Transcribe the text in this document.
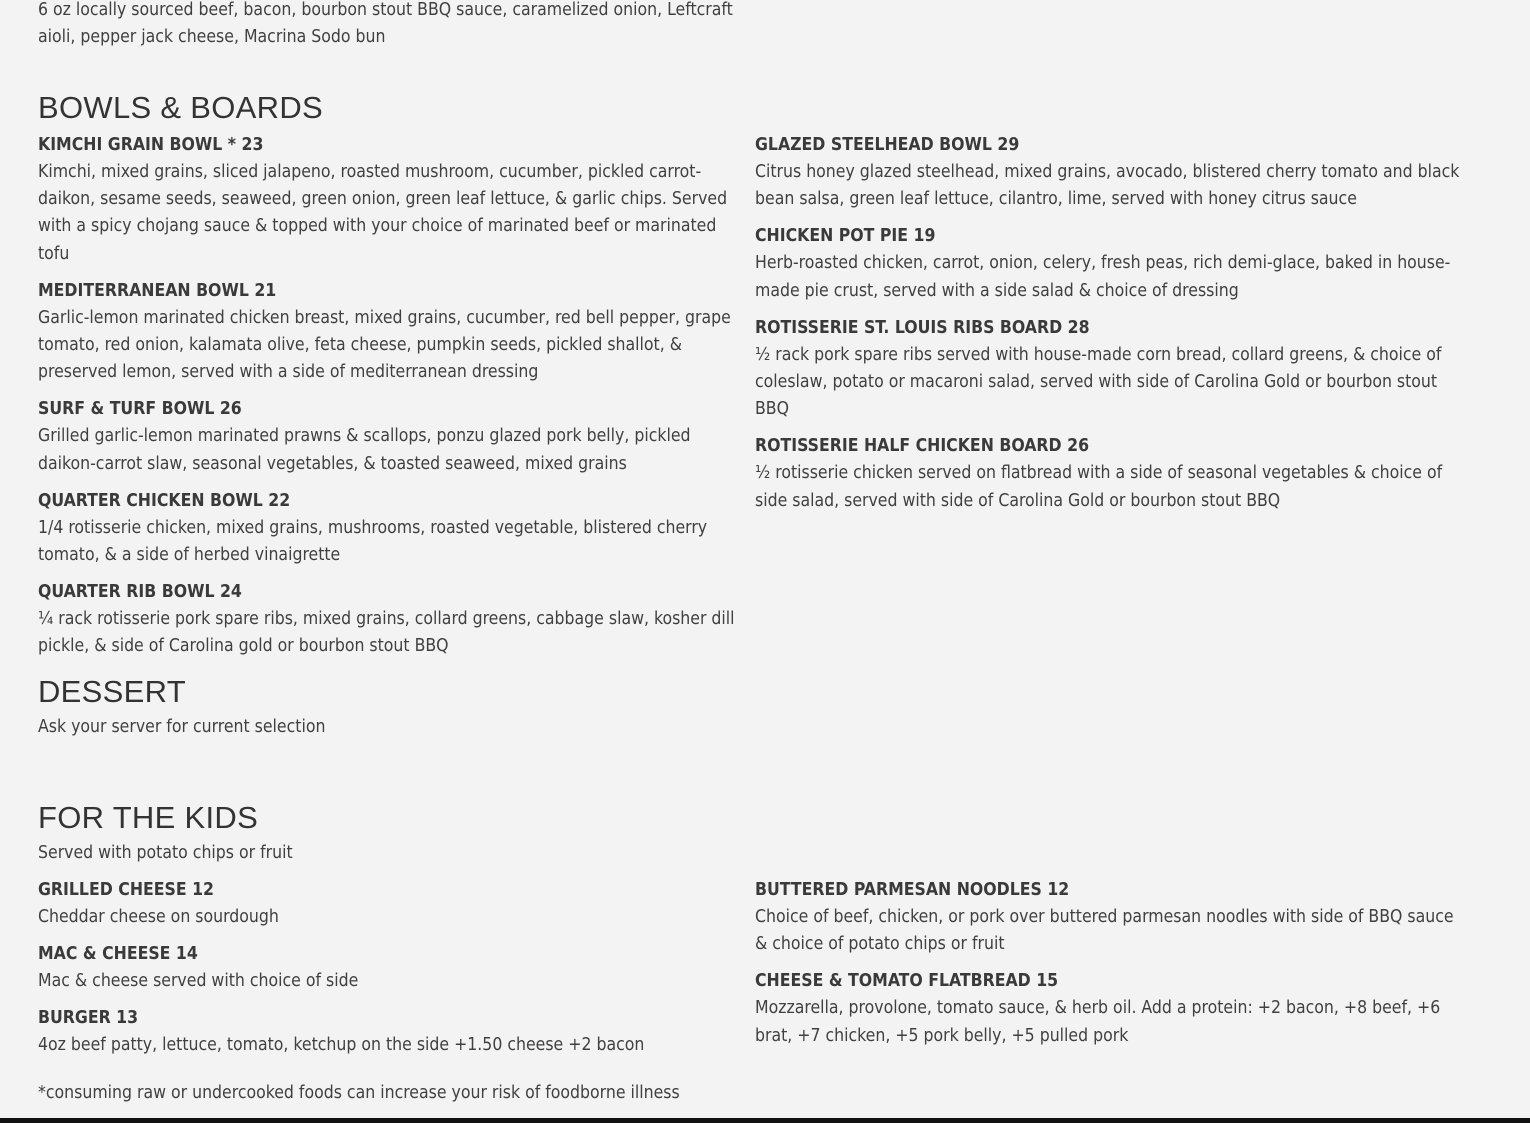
6 oz locally sourced beef, bacon, bourbon stout BBQ sauce, caramelized onion, Leftcraft aioli, pepper jack cheese, Macrina Sodo bun

BOWLS & BOARDS

KIMCHI GRAIN BOWL * 23

Kimchi, mixed grains, sliced jalapeno, roasted mushroom, cucumber, pickled carrot-daikon, sesame seeds, seaweed, green onion, green leaf lettuce, & garlic chips. Served with a spicy chojang sauce & topped with your choice of marinated beef or marinated tofu

MEDITERRANEAN BOWL 21

Garlic-lemon marinated chicken breast, mixed grains, cucumber, red bell pepper, grape tomato, red onion, kalamata olive, feta cheese, pumpkin seeds, pickled shallot, & preserved lemon, served with a side of mediterranean dressing

SURF & TURF BOWL 26

Grilled garlic-lemon marinated prawns & scallops, ponzu glazed pork belly, pickled daikon-carrot slaw, seasonal vegetables, & toasted seaweed, mixed grains

QUARTER CHICKEN BOWL 22

1/4 rotisserie chicken, mixed grains, mushrooms, roasted vegetable, blistered cherry tomato, & a side of herbed vinaigrette

QUARTER RIB BOWL 24

¼ rack rotisserie pork spare ribs, mixed grains, collard greens, cabbage slaw, kosher dill pickle, & side of Carolina gold or bourbon stout BBQ

GLAZED STEELHEAD BOWL 29

Citrus honey glazed steelhead, mixed grains, avocado, blistered cherry tomato and black bean salsa, green leaf lettuce, cilantro, lime, served with honey citrus sauce

CHICKEN POT PIE 19

Herb-roasted chicken, carrot, onion, celery, fresh peas, rich demi-glace, baked in house-made pie crust, served with a side salad & choice of dressing

ROTISSERIE ST. LOUIS RIBS BOARD 28

½ rack pork spare ribs served with house-made corn bread, collard greens, & choice of coleslaw, potato or macaroni salad, served with side of Carolina Gold or bourbon stout BBQ

ROTISSERIE HALF CHICKEN BOARD 26

½ rotisserie chicken served on flatbread with a side of seasonal vegetables & choice of side salad, served with side of Carolina Gold or bourbon stout BBQ

DESSERT

Ask your server for current selection

FOR THE KIDS

Served with potato chips or fruit

GRILLED CHEESE 12

Cheddar cheese on sourdough

MAC & CHEESE 14

Mac & cheese served with choice of side

BURGER 13

4oz beef patty, lettuce, tomato, ketchup on the side +1.50 cheese +2 bacon

BUTTERED PARMESAN NOODLES 12

Choice of beef, chicken, or pork over buttered parmesan noodles with side of BBQ sauce & choice of potato chips or fruit

CHEESE & TOMATO FLATBREAD 15

Mozzarella, provolone, tomato sauce, & herb oil. Add a protein: +2 bacon, +8 beef, +6 brat, +7 chicken, +5 pork belly, +5 pulled pork

*consuming raw or undercooked foods can increase your risk of foodborne illness
